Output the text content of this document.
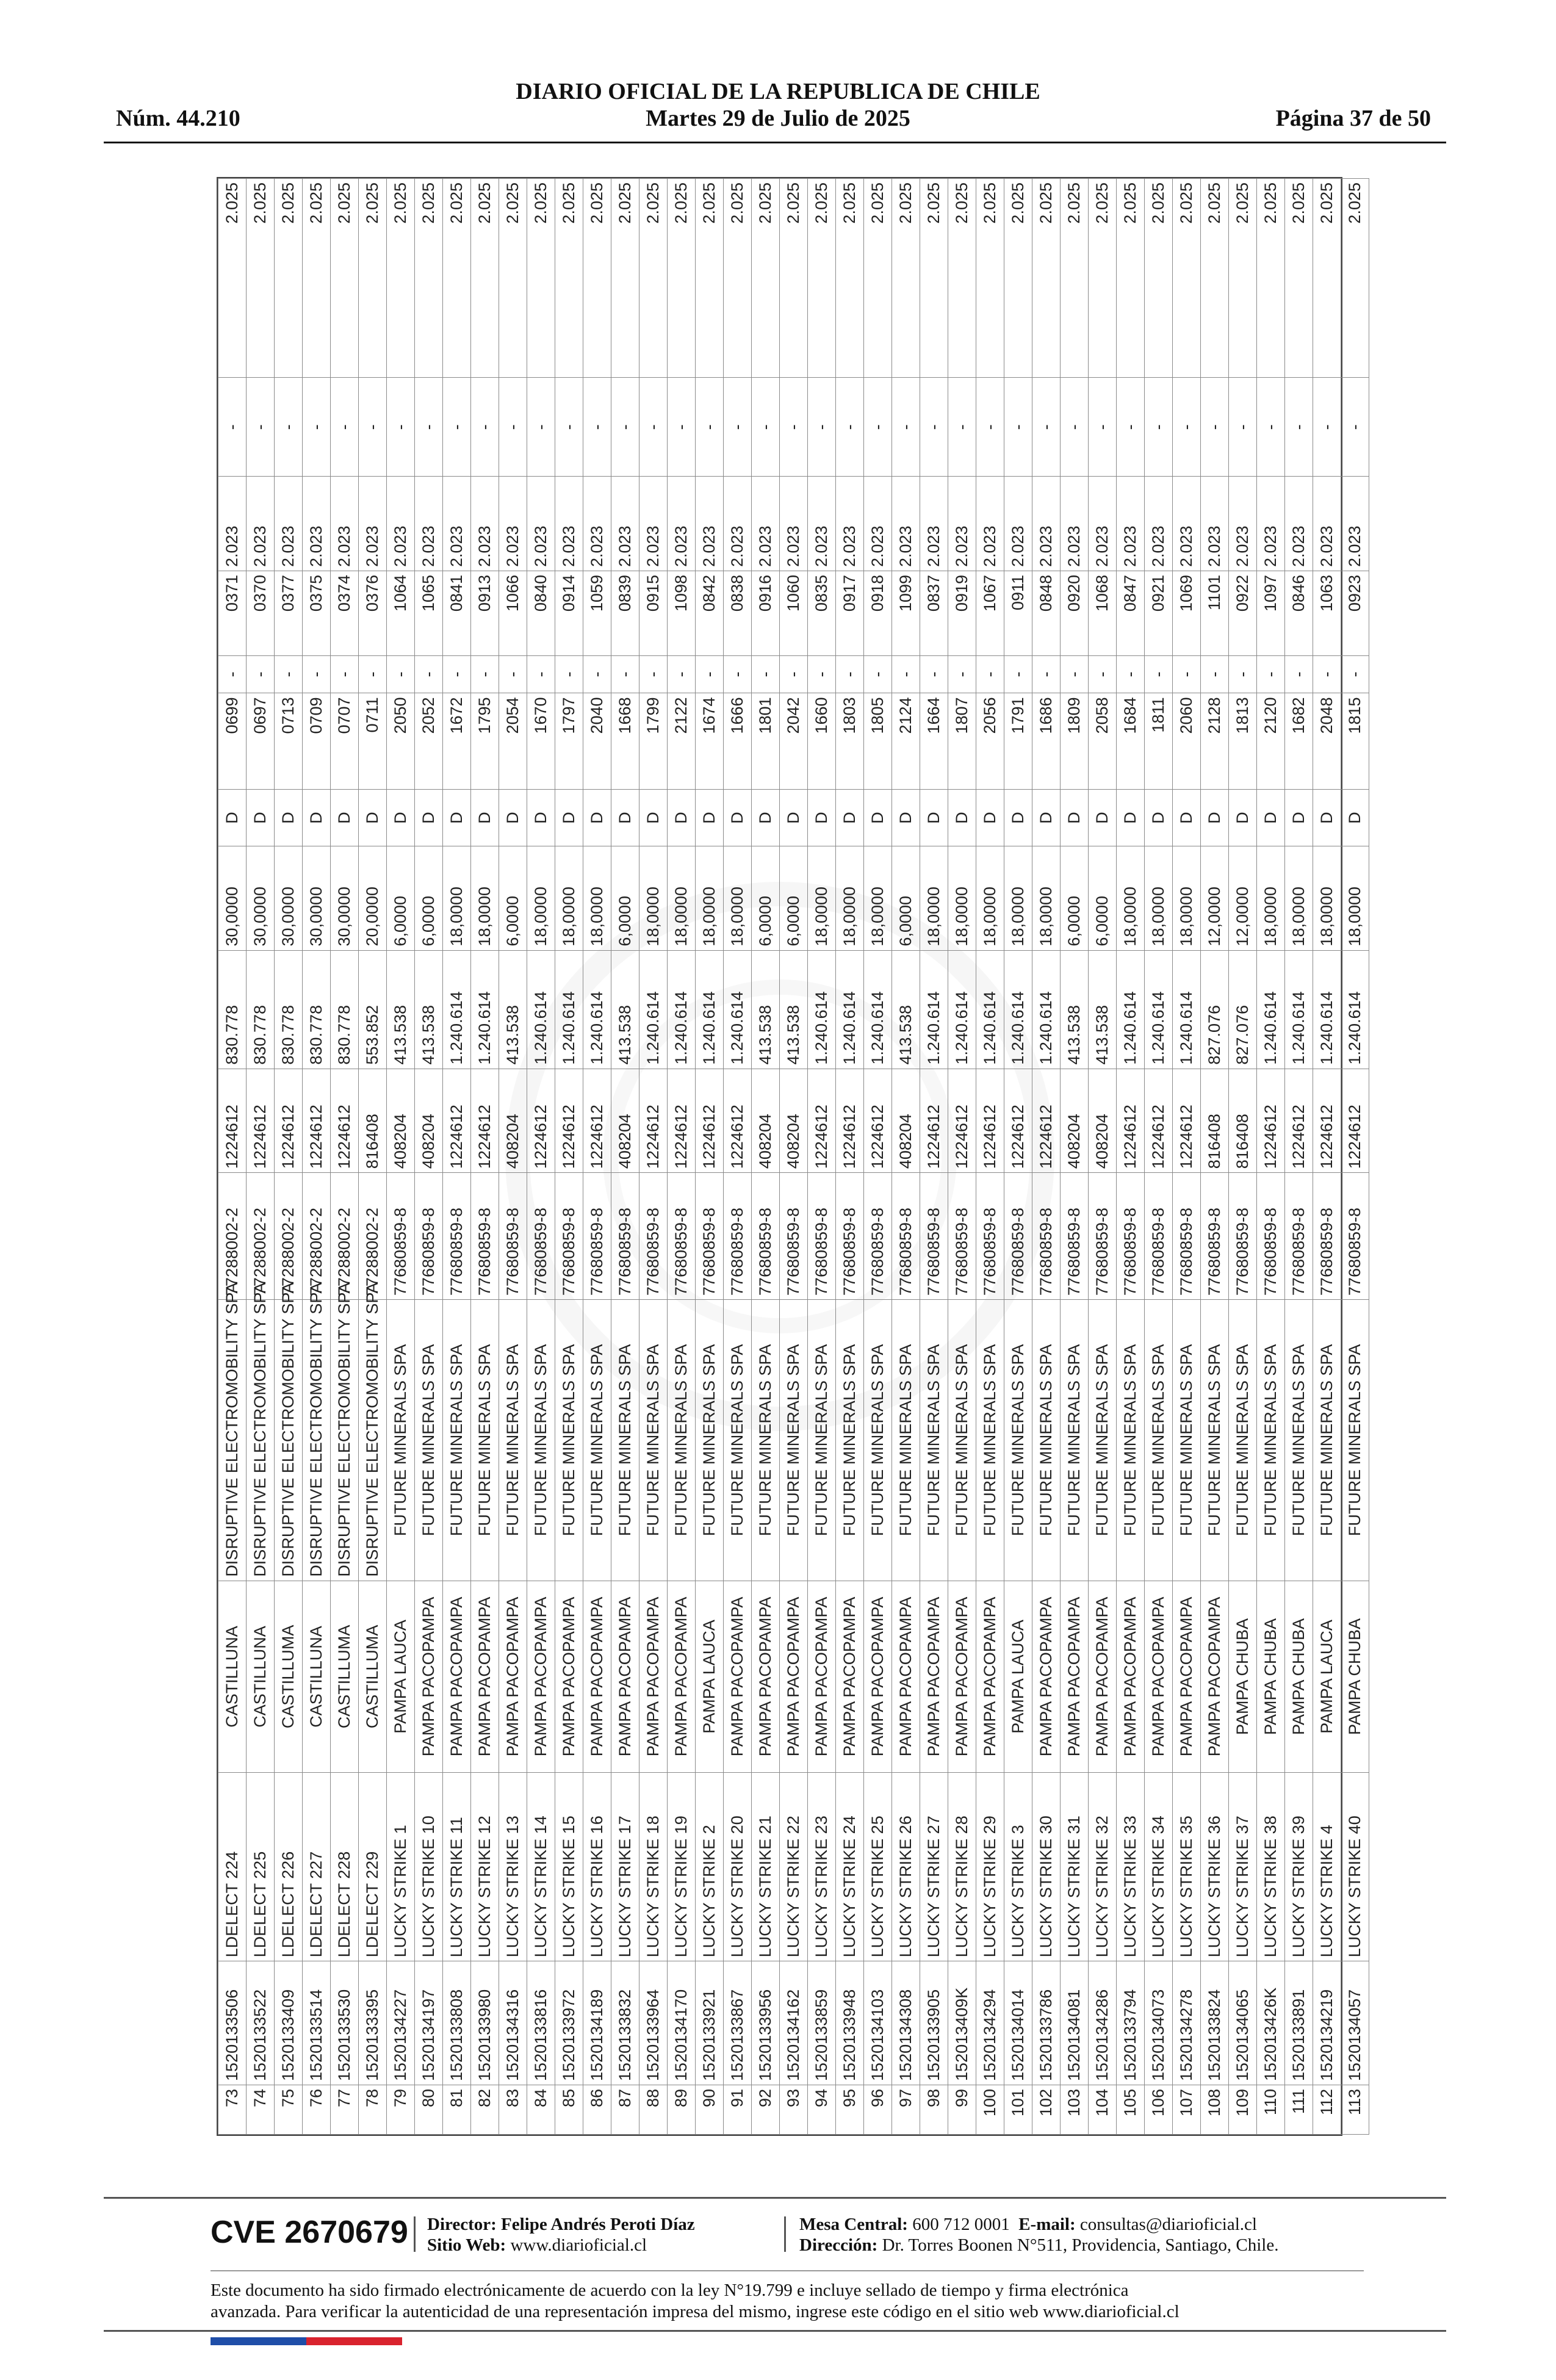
DIARIO OFICIAL DE LA REPUBLICA DE CHILE
Martes 29 de Julio de 2025
Núm. 44.210	Página 37 de 50
73	1520133506	LDELECT 224	CASTILLUNA	DISRUPTIVE ELECTROMOBILITY SPA	77288002-2	1224612	830.778	30,0000	D	0699	-	0371	2.023	-	2.025
74	1520133522	LDELECT 225	CASTILLUNA	DISRUPTIVE ELECTROMOBILITY SPA	77288002-2	1224612	830.778	30,0000	D	0697	-	0370	2.023	-	2.025
75	1520133409	LDELECT 226	CASTILLUMA	DISRUPTIVE ELECTROMOBILITY SPA	77288002-2	1224612	830.778	30,0000	D	0713	-	0377	2.023	-	2.025
76	1520133514	LDELECT 227	CASTILLUNA	DISRUPTIVE ELECTROMOBILITY SPA	77288002-2	1224612	830.778	30,0000	D	0709	-	0375	2.023	-	2.025
77	1520133530	LDELECT 228	CASTILLUMA	DISRUPTIVE ELECTROMOBILITY SPA	77288002-2	1224612	830.778	30,0000	D	0707	-	0374	2.023	-	2.025
78	1520133395	LDELECT 229	CASTILLUMA	DISRUPTIVE ELECTROMOBILITY SPA	77288002-2	816408	553.852	20,0000	D	0711	-	0376	2.023	-	2.025
79	1520134227	LUCKY STRIKE 1	PAMPA LAUCA	FUTURE MINERALS SPA	77680859-8	408204	413.538	6,0000	D	2050	-	1064	2.023	-	2.025
80	1520134197	LUCKY STRIKE 10	PAMPA PACOPAMPA	FUTURE MINERALS SPA	77680859-8	408204	413.538	6,0000	D	2052	-	1065	2.023	-	2.025
81	1520133808	LUCKY STRIKE 11	PAMPA PACOPAMPA	FUTURE MINERALS SPA	77680859-8	1224612	1.240.614	18,0000	D	1672	-	0841	2.023	-	2.025
82	1520133980	LUCKY STRIKE 12	PAMPA PACOPAMPA	FUTURE MINERALS SPA	77680859-8	1224612	1.240.614	18,0000	D	1795	-	0913	2.023	-	2.025
83	1520134316	LUCKY STRIKE 13	PAMPA PACOPAMPA	FUTURE MINERALS SPA	77680859-8	408204	413.538	6,0000	D	2054	-	1066	2.023	-	2.025
84	1520133816	LUCKY STRIKE 14	PAMPA PACOPAMPA	FUTURE MINERALS SPA	77680859-8	1224612	1.240.614	18,0000	D	1670	-	0840	2.023	-	2.025
85	1520133972	LUCKY STRIKE 15	PAMPA PACOPAMPA	FUTURE MINERALS SPA	77680859-8	1224612	1.240.614	18,0000	D	1797	-	0914	2.023	-	2.025
86	1520134189	LUCKY STRIKE 16	PAMPA PACOPAMPA	FUTURE MINERALS SPA	77680859-8	1224612	1.240.614	18,0000	D	2040	-	1059	2.023	-	2.025
87	1520133832	LUCKY STRIKE 17	PAMPA PACOPAMPA	FUTURE MINERALS SPA	77680859-8	408204	413.538	6,0000	D	1668	-	0839	2.023	-	2.025
88	1520133964	LUCKY STRIKE 18	PAMPA PACOPAMPA	FUTURE MINERALS SPA	77680859-8	1224612	1.240.614	18,0000	D	1799	-	0915	2.023	-	2.025
89	1520134170	LUCKY STRIKE 19	PAMPA PACOPAMPA	FUTURE MINERALS SPA	77680859-8	1224612	1.240.614	18,0000	D	2122	-	1098	2.023	-	2.025
90	1520133921	LUCKY STRIKE 2	PAMPA LAUCA	FUTURE MINERALS SPA	77680859-8	1224612	1.240.614	18,0000	D	1674	-	0842	2.023	-	2.025
91	1520133867	LUCKY STRIKE 20	PAMPA PACOPAMPA	FUTURE MINERALS SPA	77680859-8	1224612	1.240.614	18,0000	D	1666	-	0838	2.023	-	2.025
92	1520133956	LUCKY STRIKE 21	PAMPA PACOPAMPA	FUTURE MINERALS SPA	77680859-8	408204	413.538	6,0000	D	1801	-	0916	2.023	-	2.025
93	1520134162	LUCKY STRIKE 22	PAMPA PACOPAMPA	FUTURE MINERALS SPA	77680859-8	408204	413.538	6,0000	D	2042	-	1060	2.023	-	2.025
94	1520133859	LUCKY STRIKE 23	PAMPA PACOPAMPA	FUTURE MINERALS SPA	77680859-8	1224612	1.240.614	18,0000	D	1660	-	0835	2.023	-	2.025
95	1520133948	LUCKY STRIKE 24	PAMPA PACOPAMPA	FUTURE MINERALS SPA	77680859-8	1224612	1.240.614	18,0000	D	1803	-	0917	2.023	-	2.025
96	1520134103	LUCKY STRIKE 25	PAMPA PACOPAMPA	FUTURE MINERALS SPA	77680859-8	1224612	1.240.614	18,0000	D	1805	-	0918	2.023	-	2.025
97	1520134308	LUCKY STRIKE 26	PAMPA PACOPAMPA	FUTURE MINERALS SPA	77680859-8	408204	413.538	6,0000	D	2124	-	1099	2.023	-	2.025
98	1520133905	LUCKY STRIKE 27	PAMPA PACOPAMPA	FUTURE MINERALS SPA	77680859-8	1224612	1.240.614	18,0000	D	1664	-	0837	2.023	-	2.025
99	152013409K	LUCKY STRIKE 28	PAMPA PACOPAMPA	FUTURE MINERALS SPA	77680859-8	1224612	1.240.614	18,0000	D	1807	-	0919	2.023	-	2.025
100	1520134294	LUCKY STRIKE 29	PAMPA PACOPAMPA	FUTURE MINERALS SPA	77680859-8	1224612	1.240.614	18,0000	D	2056	-	1067	2.023	-	2.025
101	1520134014	LUCKY STRIKE 3	PAMPA LAUCA	FUTURE MINERALS SPA	77680859-8	1224612	1.240.614	18,0000	D	1791	-	0911	2.023	-	2.025
102	1520133786	LUCKY STRIKE 30	PAMPA PACOPAMPA	FUTURE MINERALS SPA	77680859-8	1224612	1.240.614	18,0000	D	1686	-	0848	2.023	-	2.025
103	1520134081	LUCKY STRIKE 31	PAMPA PACOPAMPA	FUTURE MINERALS SPA	77680859-8	408204	413.538	6,0000	D	1809	-	0920	2.023	-	2.025
104	1520134286	LUCKY STRIKE 32	PAMPA PACOPAMPA	FUTURE MINERALS SPA	77680859-8	408204	413.538	6,0000	D	2058	-	1068	2.023	-	2.025
105	1520133794	LUCKY STRIKE 33	PAMPA PACOPAMPA	FUTURE MINERALS SPA	77680859-8	1224612	1.240.614	18,0000	D	1684	-	0847	2.023	-	2.025
106	1520134073	LUCKY STRIKE 34	PAMPA PACOPAMPA	FUTURE MINERALS SPA	77680859-8	1224612	1.240.614	18,0000	D	1811	-	0921	2.023	-	2.025
107	1520134278	LUCKY STRIKE 35	PAMPA PACOPAMPA	FUTURE MINERALS SPA	77680859-8	1224612	1.240.614	18,0000	D	2060	-	1069	2.023	-	2.025
108	1520133824	LUCKY STRIKE 36	PAMPA PACOPAMPA	FUTURE MINERALS SPA	77680859-8	816408	827.076	12,0000	D	2128	-	1101	2.023	-	2.025
109	1520134065	LUCKY STRIKE 37	PAMPA CHUBA	FUTURE MINERALS SPA	77680859-8	816408	827.076	12,0000	D	1813	-	0922	2.023	-	2.025
110	152013426K	LUCKY STRIKE 38	PAMPA CHUBA	FUTURE MINERALS SPA	77680859-8	1224612	1.240.614	18,0000	D	2120	-	1097	2.023	-	2.025
111	1520133891	LUCKY STRIKE 39	PAMPA CHUBA	FUTURE MINERALS SPA	77680859-8	1224612	1.240.614	18,0000	D	1682	-	0846	2.023	-	2.025
112	1520134219	LUCKY STRIKE 4	PAMPA LAUCA	FUTURE MINERALS SPA	77680859-8	1224612	1.240.614	18,0000	D	2048	-	1063	2.023	-	2.025
113	1520134057	LUCKY STRIKE 40	PAMPA CHUBA	FUTURE MINERALS SPA	77680859-8	1224612	1.240.614	18,0000	D	1815	-	0923	2.023	-	2.025
CVE 2670679 Director: Felipe Andrés Peroti Díaz
Sitio Web: www.diarioficial.cl
Mesa Central: 600 712 0001 E-mail: consultas@diarioficial.cl
Dirección: Dr. Torres Boonen N°511, Providencia, Santiago, Chile.
Este documento ha sido firmado electrónicamente de acuerdo con la ley N°19.799 e incluye sellado de tiempo y firma electrónica
avanzada. Para verificar la autenticidad de una representación impresa del mismo, ingrese este código en el sitio web www.diarioficial.cl
